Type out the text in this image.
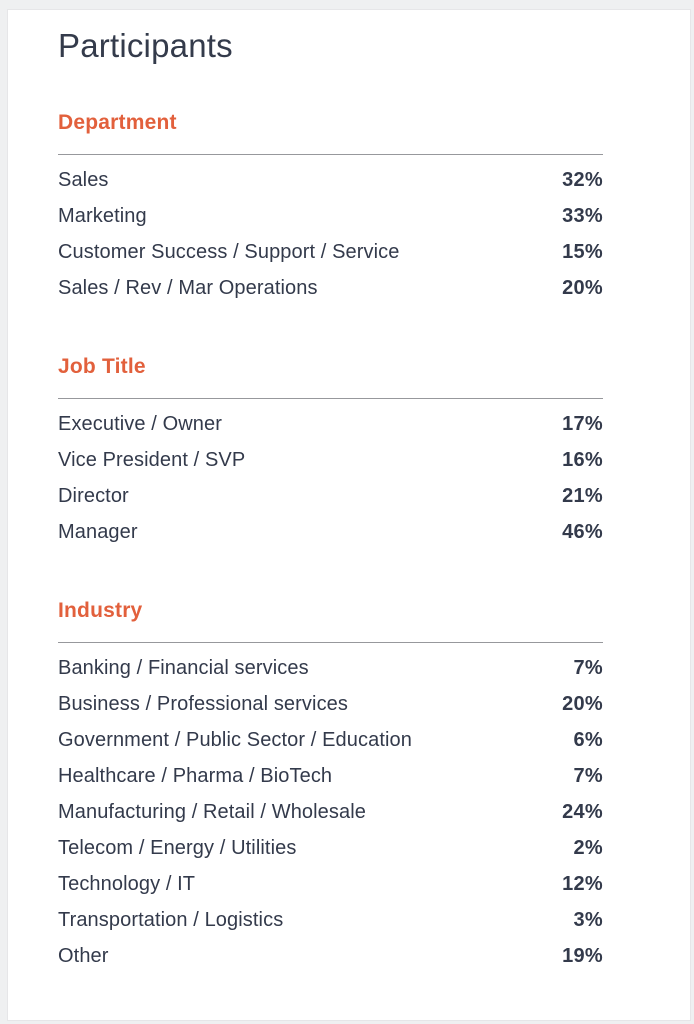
Participants
Department
Sales	32%
Marketing	33%
Customer Success / Support / Service	15%
Sales / Rev / Mar Operations	20%
Job Title
Executive / Owner	17%
Vice President / SVP	16%
Director	21%
Manager	46%
Industry
Banking / Financial services	7%
Business / Professional services	20%
Government / Public Sector / Education	6%
Healthcare / Pharma / BioTech	7%
Manufacturing / Retail / Wholesale	24%
Telecom / Energy / Utilities	2%
Technology / IT	12%
Transportation / Logistics	3%
Other	19%
